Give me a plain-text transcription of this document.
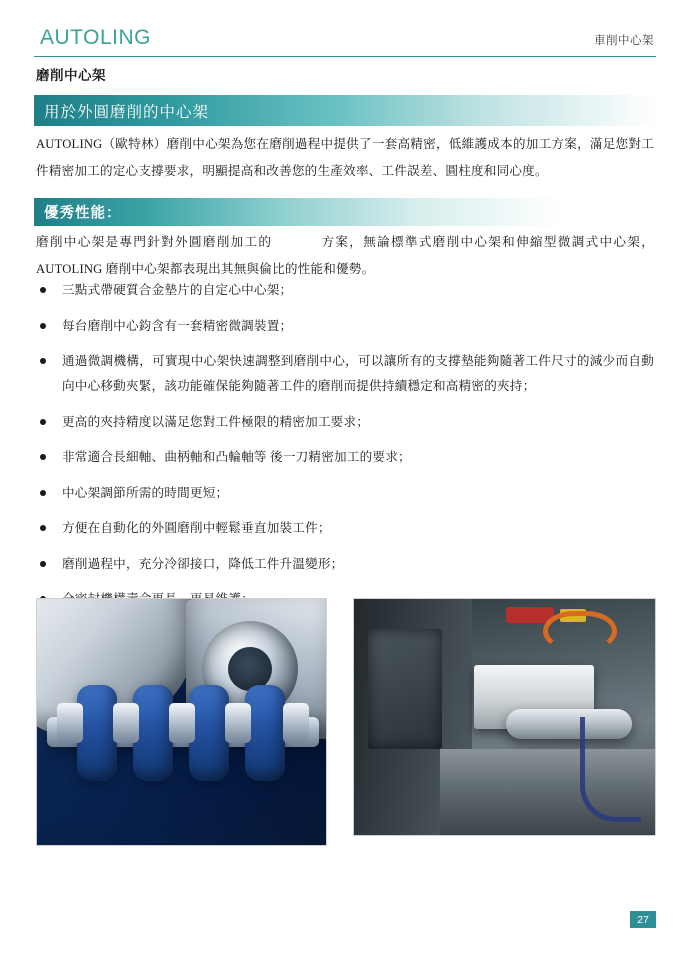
AUTOLING	車削中心架
磨削中心架
用於外圓磨削的中心架
AUTOLING（歐特林）磨削中心架為您在磨削過程中提供了一套高精密，低維護成本的加工方案，滿足您對工件精密加工的定心支撐要求，明顯提高和改善您的生產效率、工件誤差、圓柱度和同心度。
優秀性能：
磨削中心架是專門針對外圓磨削加工的	方案，無論標準式磨削中心架和伸縮型微調式中心架，AUTOLING 磨削中心架都表現出其無與倫比的性能和優勢。
三點式帶硬質合金墊片的自定心中心架；
每台磨削中心鈞含有一套精密微調裝置；
通過微調機構，可實現中心架快速調整到磨削中心，可以讓所有的支撐墊能夠隨著工件尺寸的減少而自動向中心移動夾緊，該功能確保能夠隨著工件的磨削而提供持續穩定和高精密的夾持；
更高的夾持精度以滿足您對工件極限的精密加工要求；
非常適合長細軸、曲柄軸和凸輪軸等 後一刀精密加工的要求；
中心架調節所需的時間更短；
方便在自動化的外圓磨削中輕鬆垂直加裝工件；
磨削過程中，充分冷卻接口，降低工件升溫變形；
27
